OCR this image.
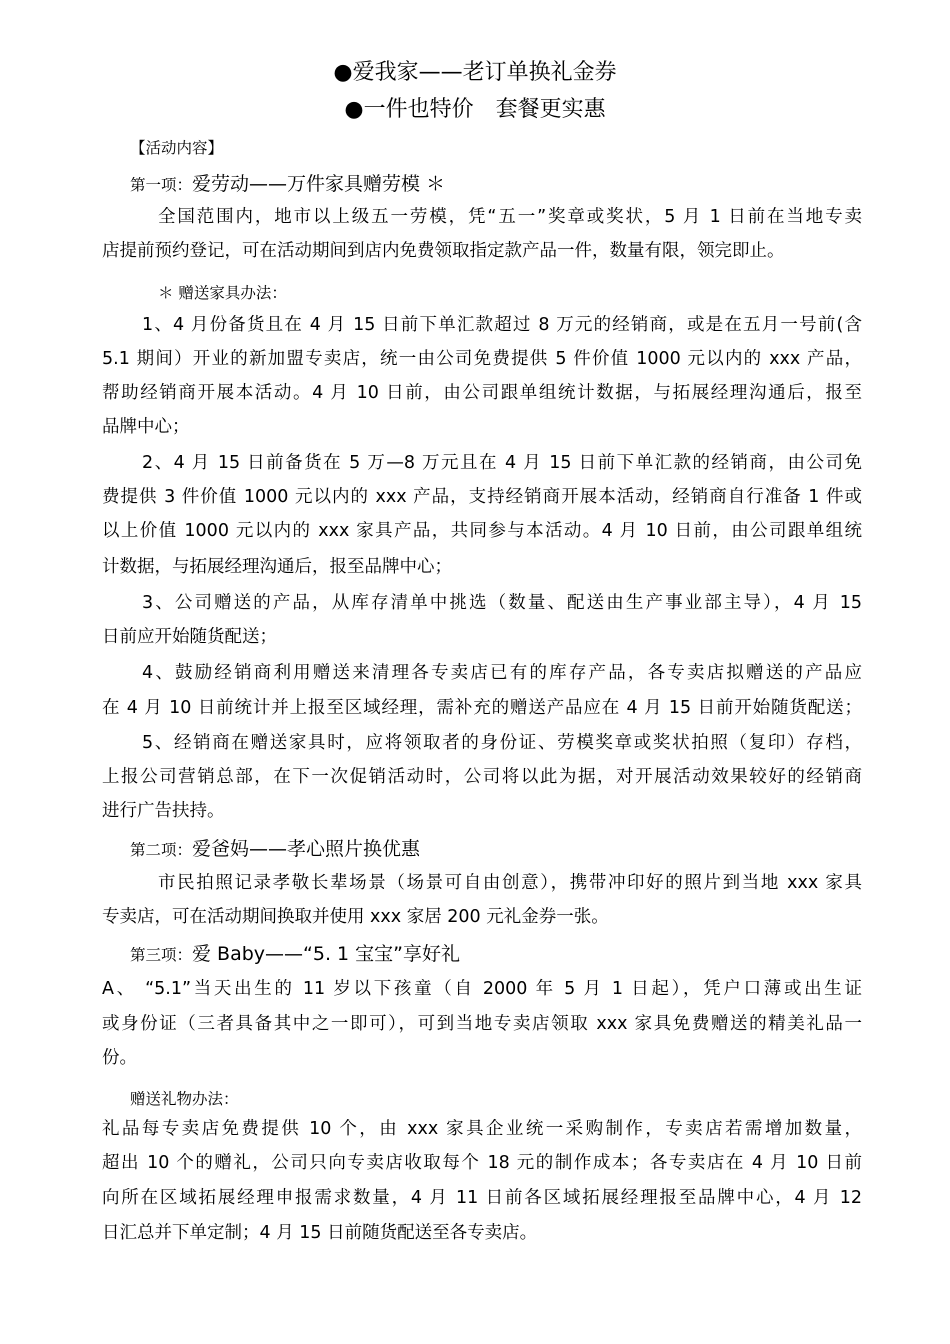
●爱我家——老订单换礼金券
●一件也特价　套餐更实惠
【活动内容】
第一项：爱劳动——万件家具赠劳模 ＊
全国范围内，地市以上级五一劳模，凭“五一”奖章或奖状，5 月 1 日前在当地专卖
店提前预约登记，可在活动期间到店内免费领取指定款产品一件，数量有限，领完即止。
＊ 赠送家具办法：
1、4 月份备货且在 4 月 15 日前下单汇款超过 8 万元的经销商，或是在五月一号前(含
5.1 期间）开业的新加盟专卖店，统一由公司免费提供 5 件价值 1000 元以内的 xxx 产品，
帮助经销商开展本活动。4 月 10 日前，由公司跟单组统计数据，与拓展经理沟通后，报至
品牌中心；
2、4 月 15 日前备货在 5 万—8 万元且在 4 月 15 日前下单汇款的经销商，由公司免
费提供 3 件价值 1000 元以内的 xxx 产品，支持经销商开展本活动，经销商自行准备 1 件或
以上价值 1000 元以内的 xxx 家具产品，共同参与本活动。4 月 10 日前，由公司跟单组统
计数据，与拓展经理沟通后，报至品牌中心；
3、公司赠送的产品，从库存清单中挑选（数量、配送由生产事业部主导），4 月 15
日前应开始随货配送；
4、鼓励经销商利用赠送来清理各专卖店已有的库存产品，各专卖店拟赠送的产品应
在 4 月 10 日前统计并上报至区域经理，需补充的赠送产品应在 4 月 15 日前开始随货配送；
5、经销商在赠送家具时，应将领取者的身份证、劳模奖章或奖状拍照（复印）存档，
上报公司营销总部，在下一次促销活动时，公司将以此为据，对开展活动效果较好的经销商
进行广告扶持。
第二项：爱爸妈——孝心照片换优惠
市民拍照记录孝敬长辈场景（场景可自由创意），携带冲印好的照片到当地 xxx 家具
专卖店，可在活动期间换取并使用 xxx 家居 200 元礼金券一张。
第三项：爱 Baby——“5. 1 宝宝”享好礼
A、 “5.1”当天出生的 11 岁以下孩童（自 2000 年 5 月 1 日起），凭户口薄或出生证
或身份证（三者具备其中之一即可），可到当地专卖店领取 xxx 家具免费赠送的精美礼品一
份。
赠送礼物办法：
礼品每专卖店免费提供 10 个，由 xxx 家具企业统一采购制作，专卖店若需增加数量，
超出 10 个的赠礼，公司只向专卖店收取每个 18 元的制作成本；各专卖店在 4 月 10 日前
向所在区域拓展经理申报需求数量，4 月 11 日前各区域拓展经理报至品牌中心，4 月 12
日汇总并下单定制；4 月 15 日前随货配送至各专卖店。
